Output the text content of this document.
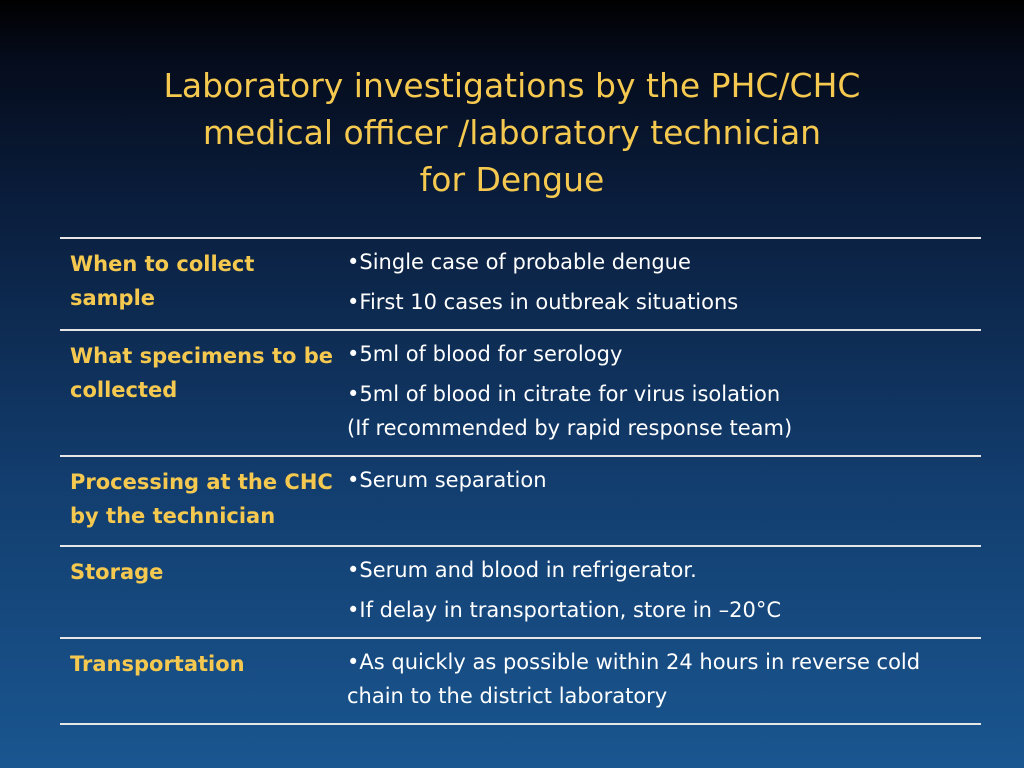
Laboratory investigations by the PHC/CHC
medical officer /laboratory technician
for Dengue
When to collect sample	•Single case of probable dengue
•First 10 cases in outbreak situations

What specimens to be collected	•5ml of blood for serology
•5ml of blood in citrate for virus isolation
(If recommended by rapid response team)

Processing at the CHC by the technician	•Serum separation

Storage	•Serum and blood in refrigerator.
•If delay in transportation, store in –20°C

Transportation	•As quickly as possible within 24 hours in reverse cold chain to the district laboratory
